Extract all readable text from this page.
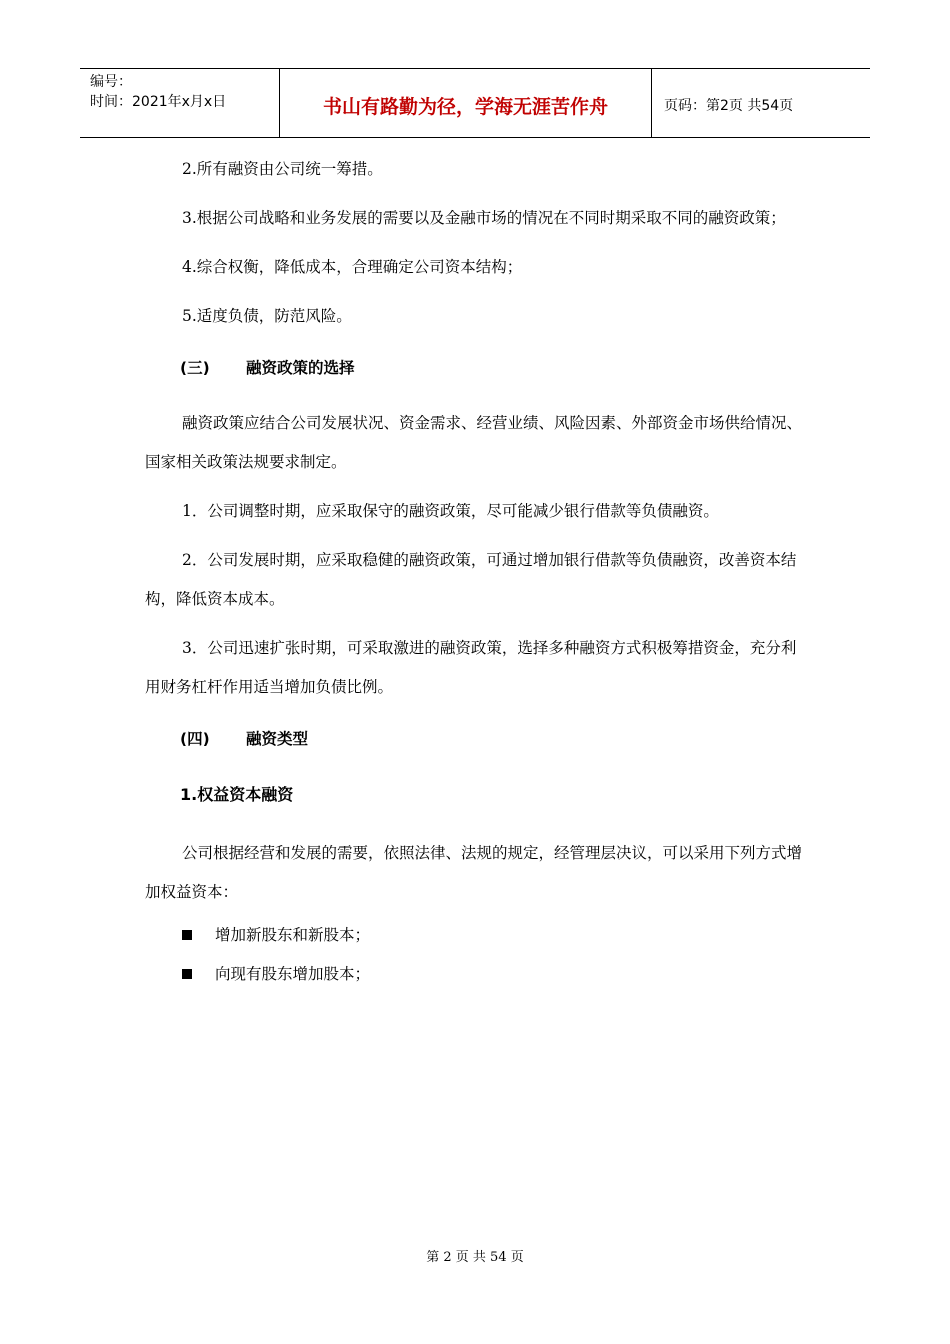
编号：
时间：2021年x月x日	书山有路勤为径，学海无涯苦作舟	页码：第2页 共54页

2.所有融资由公司统一筹措。

3.根据公司战略和业务发展的需要以及金融市场的情况在不同时期采取不同的融资政策；

4.综合权衡，降低成本，合理确定公司资本结构；

5.适度负债，防范风险。

(三)	融资政策的选择

融资政策应结合公司发展状况、资金需求、经营业绩、风险因素、外部资金市场供给情况、国家相关政策法规要求制定。

1．公司调整时期，应采取保守的融资政策，尽可能减少银行借款等负债融资。

2．公司发展时期，应采取稳健的融资政策，可通过增加银行借款等负债融资，改善资本结构，降低资本成本。

3．公司迅速扩张时期，可采取激进的融资政策，选择多种融资方式积极筹措资金，充分利用财务杠杆作用适当增加负债比例。

(四)	融资类型
1.权益资本融资

公司根据经营和发展的需要，依照法律、法规的规定，经管理层决议，可以采用下列方式增加权益资本：

增加新股东和新股本；
向现有股东增加股本；
第 2 页 共 54 页
